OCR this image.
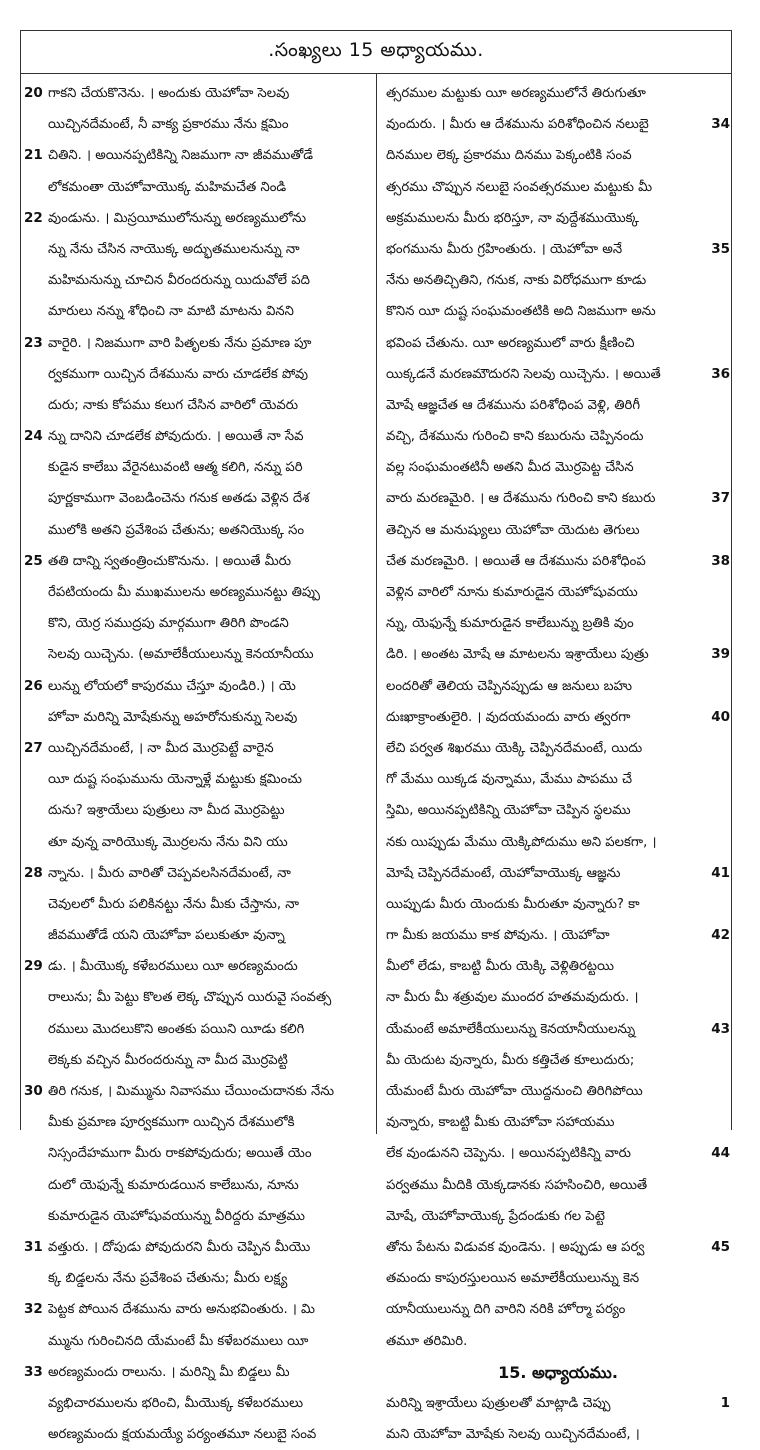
.సంఖ్యలు 15 అధ్యాయము.
20 గాకని చేయకొనెను. । అందుకు యెహోవా సెలవు
యిచ్చినదేమంటే, నీ వాక్య ప్రకారము నేను క్షమిం
21 చితిని. । అయినప్పటికిన్ని నిజముగా నా జీవముతోడే
లోకమంతా యెహోవాయొక్క మహిమచేత నిండి
22 వుండును. । మిస్రయీములోనున్ను అరణ్యములోను
న్ను నేను చేసిన నాయొక్క అద్భుతములనున్ను నా
మహిమనున్ను చూచిన వీరందరున్ను యిదువోలే పది
మారులు నన్ను శోధించి నా మాటి మాటను వినని
23 వారైరి. । నిజముగా వారి పితృలకు నేను ప్రమాణ పూ
ర్వకముగా యిచ్చిన దేశమును వారు చూడలేక పోవు
దురు; నాకు కోపము కలుగ చేసిన వారిలో యెవరు
24 న్ను దానిని చూడలేక పోవుదురు. । అయితే నా సేవ
కుడైన కాలేబు వేరైనటువంటి ఆత్మ కలిగి, నన్ను పరి
పూర్ణకాముగా వెంబడించెను గనుక అతడు వెళ్లిన దేశ
ములోకి అతని ప్రవేశింప చేతును; అతనియొక్క సం
25 తతి దాన్ని స్వతంత్రించుకొనును. । అయితే మీరు
రేపటియందు మీ ముఖములను అరణ్యమునట్టు తిప్పు
కొని, యెర్ర సముద్రపు మార్గముగా తిరిగి పొండని
సెలవు యిచ్చెను. (అమాలేకీయులున్ను కెనయానీయు
26 లున్ను లోయలో కాపురము చేస్తూ వుండిరి.) । యె
హోవా మరిన్ని మోషేకున్ను అహరోనుకున్ను సెలవు
27 యిచ్చినదేమంటే, । నా మీద మొర్రపెట్టే వారైన
యీ దుష్ట సంఘమును యెన్నాళ్లే మట్టుకు క్షమించు
దును? ఇశ్రాయేలు పుత్రులు నా మీద మొర్రపెట్టు
తూ వున్న వారియొక్క మొర్రలను నేను విని యు
28 న్నాను. । మీరు వారితో చెప్పవలసినదేమంటే, నా
చెవులలో మీరు పలికినట్టు నేను మీకు చేస్తాను, నా
జీవముతోడే యని యెహోవా పలుకుతూ వున్నా
29 డు. । మీయొక్క కళేబరములు యీ అరణ్యమందు
రాలును; మీ పెట్టు కొలత లెక్క చొప్పున యిరువై సంవత్స
రములు మొదలుకొని అంతకు పయిని యీడు కలిగి
లెక్కకు వచ్చిన మీరందరున్ను నా మీద మొర్రపెట్టి
30 తిరి గనుక, । మిమ్మును నివాసము చేయించుదానకు నేను
మీకు ప్రమాణ పూర్వకముగా యిచ్చిన దేశములోకి
నిస్సందేహముగా మీరు రాకపోవుదురు; అయితే యెం
దులో యెఫున్నే కుమారుడయిన కాలేబును, నూను
కుమారుడైన యెహోషువయున్ను వీరిద్దరు మాత్రము
31 వత్తురు. । దోపుడు పోవుదురని మీరు చెప్పిన మీయొ
క్క బిడ్డలను నేను ప్రవేశింప చేతును; మీరు లక్ష్య
32 పెట్టక పోయిన దేశమును వారు అనుభవింతురు. । మి
మ్మును గురించినది యేమంటే మీ కళేబరములు యీ
33 అరణ్యమందు రాలును. । మరిన్ని మీ బిడ్డలు మీ
వ్యభిచారములను భరించి, మీయొక్క కళేబరములు
అరణ్యమందు క్షయమయ్యే పర్యంతమూ నలుబై సంవ
త్సరముల మట్టుకు యీ అరణ్యములోనే తిరుగుతూ
వుందురు. । మీరు ఆ దేశమును పరిశోధించిన నలుబై	34
దినముల లెక్క ప్రకారము దినము పెక్కంటికి సంవ
త్సరము చొప్పున నలుబై సంవత్సరముల మట్టుకు మీ
అక్రమములను మీరు భరిస్తూ, నా వుద్దేశముయొక్క
భంగమును మీరు గ్రహింతురు. । యెహోవా అనే	35
నేను అనతిచ్చితిని, గనుక, నాకు విరోధముగా కూడు
కొనిన యీ దుష్ట సంఘమంతటికి అది నిజముగా అను
భవింప చేతును. యీ అరణ్యములో వారు క్షీణించి
యిక్కడనే మరణమౌదురని సెలవు యిచ్చెను. । అయితే	36
మోషే ఆజ్ఞచేత ఆ దేశమును పరిశోధింప వెళ్లి, తిరిగీ
వచ్చి, దేశమును గురించి కాని కబురును చెప్పినందు
వల్ల సంఘమంతటినీ అతని మీద మొర్రపెట్ట చేసిన
వారు మరణమైరి. । ఆ దేశమును గురించి కాని కబురు	37
తెచ్చిన ఆ మనుష్యులు యెహోవా యెదుట తెగులు
చేత మరణమైరి. । అయితే ఆ దేశమును పరిశోధింప	38
వెళ్లిన వారిలో నూను కుమారుడైన యెహోషువయు
న్ను, యెఫున్నే కుమారుడైన కాలేబున్ను బ్రతికి వుం
డిరి. । అంతట మోషే ఆ మాటలను ఇశ్రాయేలు పుత్రు	39
లందరితో తెలియ చెప్పినప్పుడు ఆ జనులు బహు
దుఃఖాక్రాంతులైరి. । వుదయమందు వారు త్వరగా	40
లేచి పర్వత శిఖరము యెక్కి చెప్పినదేమంటే, యిదు
గో మేము యిక్కడ వున్నాము, మేము పాపము చే
స్తిమి, అయినప్పటికిన్ని యెహోవా చెప్పిన స్థలము
నకు యిప్పుడు మేము యెక్కిపోదుము అని పలకగా, ।
మోషే చెప్పినదేమంటే, యెహోవాయొక్క ఆజ్ఞను	41
యిప్పుడు మీరు యెందుకు మీరుతూ వున్నారు? కా
గా మీకు జయము కాక పోవును. । యెహోవా	42
మీలో లేడు, కాబట్టి మీరు యెక్కి వెళ్లితిరట్టయి
నా మీరు మీ శత్రువుల ముందర హతమవుదురు. ।
యేమంటే అమాలేకీయులున్ను కెనయానీయులన్ను	43
మీ యెదుట వున్నారు, మీరు కత్తిచేత కూలుదురు;
యేమంటే మీరు యెహోవా యొద్దనుంచి తిరిగిపోయి
వున్నారు, కాబట్టి మీకు యెహోవా సహాయము
లేక వుండునని చెప్పెను. । అయినప్పటికిన్ని వారు	44
పర్వతము మీదికి యెక్కడానకు సహసించిరి, అయితే
మోషే, యెహోవాయొక్క ప్రేదండుకు గల పెట్టె
తోను పేటను విడువక వుండెను. । అప్పుడు ఆ పర్వ	45
తమందు కాపురస్తులయిన అమాలేకీయులున్ను కెన
యానీయులున్ను దిగి వారిని నరికి హోర్మా పర్యం
తమూ తరిమిరి.
15. అధ్యాయము.
మరిన్ని ఇశ్రాయేలు పుత్రులతో మాట్లాడి చెప్పు	1
మని యెహోవా మోషేకు సెలవు యిచ్చినదేమంటే, ।
